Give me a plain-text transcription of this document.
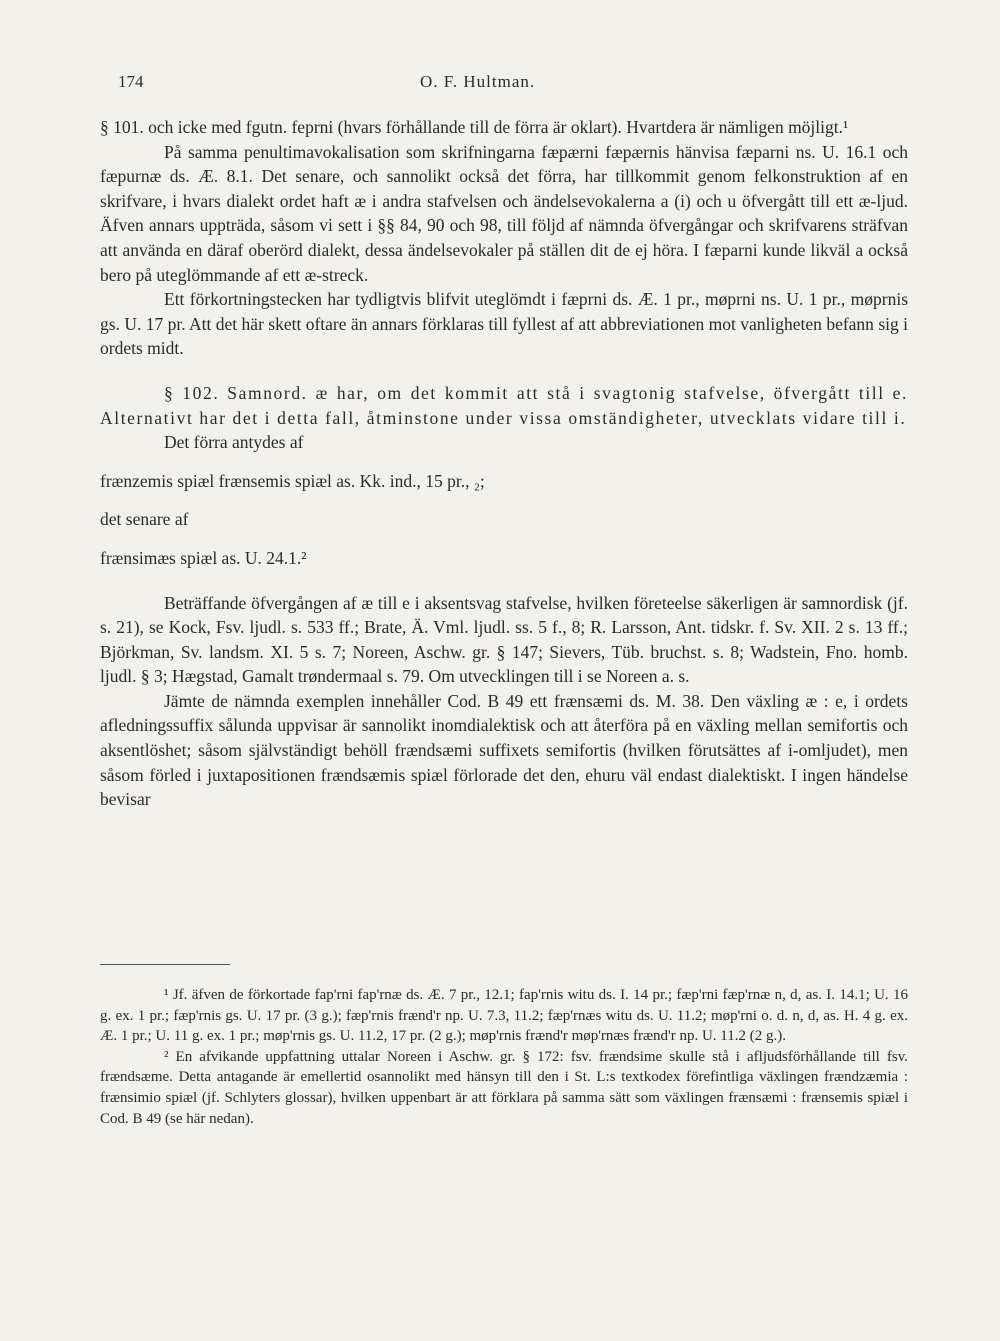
174	O. F. Hultman.

§ 101. och icke med fgutn. feprni (hvars förhållande till de förra är oklart). Hvartdera är nämligen möjligt.¹

På samma penultimavokalisation som skrifningarna fæpærni fæpærnis hänvisa fæparni ns. U. 16.1 och fæpurnæ ds. Æ. 8.1. Det senare, och sannolikt också det förra, har tillkommit genom felkonstruktion af en skrifvare, i hvars dialekt ordet haft æ i andra stafvelsen och ändelsevokalerna a (i) och u öfvergått till ett æ-ljud. Äfven annars uppträda, såsom vi sett i §§ 84, 90 och 98, till följd af nämnda öfvergångar och skrifvarens sträfvan att använda en däraf oberörd dialekt, dessa ändelsevokaler på ställen dit de ej höra. I fæparni kunde likväl a också bero på uteglömmande af ett æ-streck.

Ett förkortningstecken har tydligtvis blifvit uteglömdt i fæprni ds. Æ. 1 pr., møprni ns. U. 1 pr., møprnis gs. U. 17 pr. Att det här skett oftare än annars förklaras till fyllest af att abbreviationen mot vanligheten befann sig i ordets midt.

§ 102. Samnord. æ har, om det kommit att stå i svagtonig stafvelse, öfvergått till e. Alternativt har det i detta fall, åtminstone under vissa omständigheter, utvecklats vidare till i.

Det förra antydes af

frænzemis spiæl frænsemis spiæl as. Kk. ind., 15 pr., ₂;

det senare af

frænsimæs spiæl as. U. 24.1.²

Beträffande öfvergången af æ till e i aksentsvag stafvelse, hvilken företeelse säkerligen är samnordisk (jf. s. 21), se Kock, Fsv. ljudl. s. 533 ff.; Brate, Ä. Vml. ljudl. ss. 5 f., 8; R. Larsson, Ant. tidskr. f. Sv. XII. 2 s. 13 ff.; Björkman, Sv. landsm. XI. 5 s. 7; Noreen, Aschw. gr. § 147; Sievers, Tüb. bruchst. s. 8; Wadstein, Fno. homb. ljudl. § 3; Hægstad, Gamalt trøndermaal s. 79. Om utvecklingen till i se Noreen a. s.

Jämte de nämnda exemplen innehåller Cod. B 49 ett frænsæmi ds. M. 38. Den växling æ : e, i ordets afledningssuffix sålunda uppvisar är sannolikt inomdialektisk och att återföra på en växling mellan semifortis och aksentlöshet; såsom självständigt behöll frændsæmi suffixets semifortis (hvilken förutsättes af i-omljudet), men såsom förled i juxtapositionen frændsæmis spiæl förlorade det den, ehuru väl endast dialektiskt. I ingen händelse bevisar

¹ Jf. äfven de förkortade fap'rni fap'rnæ ds. Æ. 7 pr., 12.1; fap'rnis witu ds. I. 14 pr.; fæp'rni fæp'rnæ n, d, as. I. 14.1; U. 16 g. ex. 1 pr.; fæp'rnis gs. U. 17 pr. (3 g.); fæp'rnis frænd'r np. U. 7.3, 11.2; fæp'rnæs witu ds. U. 11.2; møp'rni o. d. n, d, as. H. 4 g. ex. Æ. 1 pr.; U. 11 g. ex. 1 pr.; møp'rnis gs. U. 11.2, 17 pr. (2 g.); møp'rnis frænd'r møp'rnæs frænd'r np. U. 11.2 (2 g.).

² En afvikande uppfattning uttalar Noreen i Aschw. gr. § 172: fsv. frændsime skulle stå i afljudsförhållande till fsv. frændsæme. Detta antagande är emellertid osannolikt med hänsyn till den i St. L:s textkodex förefintliga växlingen frændzæmia : frænsimio spiæl (jf. Schlyters glossar), hvilken uppenbart är att förklara på samma sätt som växlingen frænsæmi : frænsemis spiæl i Cod. B 49 (se här nedan).
